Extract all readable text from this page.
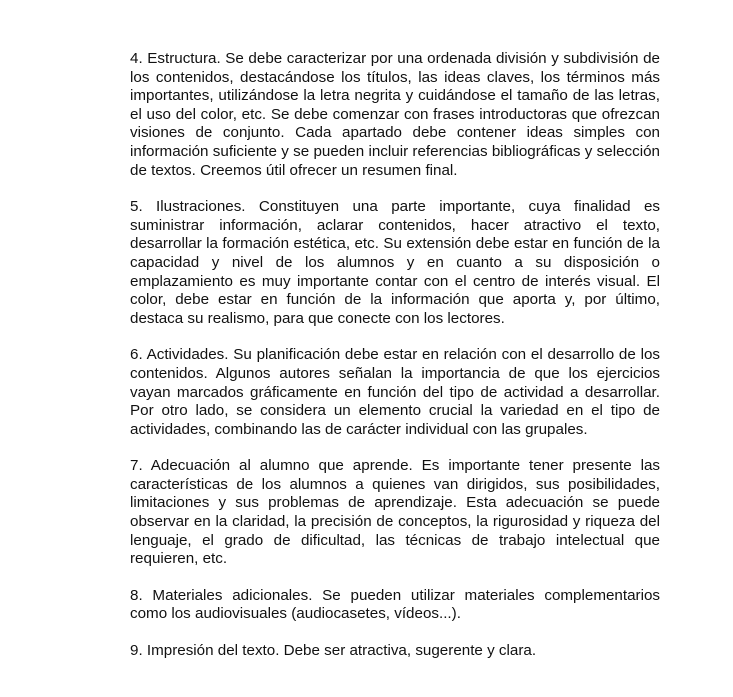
4. Estructura. Se debe caracterizar por una ordenada división y subdivisión de los contenidos, destacándose los títulos, las ideas claves, los términos más importantes, utilizándose la letra negrita y cuidándose el tamaño de las letras, el uso del color, etc. Se debe comenzar con frases introductoras que ofrezcan visiones de conjunto. Cada apartado debe contener ideas simples con información suficiente y se pueden incluir referencias bibliográficas y selección de textos. Creemos útil ofrecer un resumen final.

5. Ilustraciones. Constituyen una parte importante, cuya finalidad es suministrar información, aclarar contenidos, hacer atractivo el texto, desarrollar la formación estética, etc. Su extensión debe estar en función de la capacidad y nivel de los alumnos y en cuanto a su disposición o emplazamiento es muy importante contar con el centro de interés visual. El color, debe estar en función de la información que aporta y, por último, destaca su realismo, para que conecte con los lectores.

6. Actividades. Su planificación debe estar en relación con el desarrollo de los contenidos. Algunos autores señalan la importancia de que los ejercicios vayan marcados gráficamente en función del tipo de actividad a desarrollar. Por otro lado, se considera un elemento crucial la variedad en el tipo de actividades, combinando las de carácter individual con las grupales.

7. Adecuación al alumno que aprende. Es importante tener presente las características de los alumnos a quienes van dirigidos, sus posibilidades, limitaciones y sus problemas de aprendizaje. Esta adecuación se puede observar en la claridad, la precisión de conceptos, la rigurosidad y riqueza del lenguaje, el grado de dificultad, las técnicas de trabajo intelectual que requieren, etc.

8. Materiales adicionales. Se pueden utilizar materiales complementarios como los audiovisuales (audiocasetes, vídeos...).

9. Impresión del texto. Debe ser atractiva, sugerente y clara.
